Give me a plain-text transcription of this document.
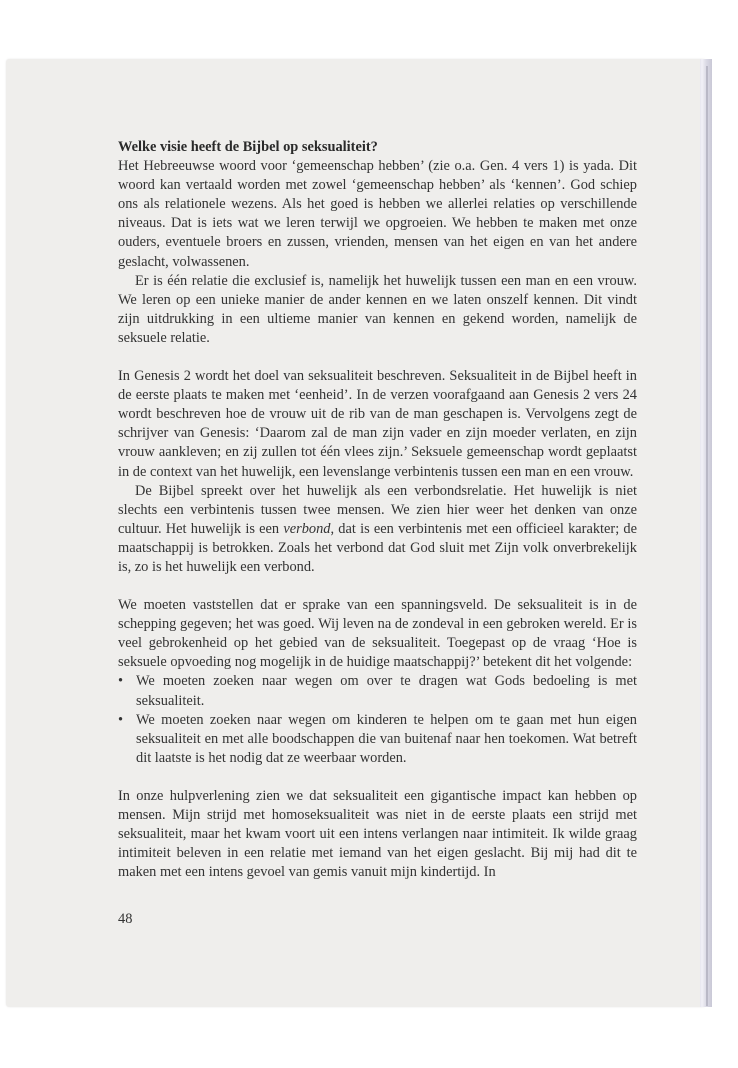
Welke visie heeft de Bijbel op seksualiteit?

Het Hebreeuwse woord voor ‘gemeenschap hebben’ (zie o.a. Gen. 4 vers 1) is yada. Dit woord kan vertaald worden met zowel ‘gemeenschap hebben’ als ‘kennen’. God schiep ons als relationele wezens. Als het goed is hebben we allerlei relaties op verschillende niveaus. Dat is iets wat we leren terwijl we opgroeien. We hebben te maken met onze ouders, eventuele broers en zussen, vrienden, mensen van het eigen en van het andere geslacht, volwassenen.

Er is één relatie die exclusief is, namelijk het huwelijk tussen een man en een vrouw. We leren op een unieke manier de ander kennen en we laten onszelf kennen. Dit vindt zijn uitdrukking in een ultieme manier van kennen en gekend worden, namelijk de seksuele relatie.

In Genesis 2 wordt het doel van seksualiteit beschreven. Seksualiteit in de Bijbel heeft in de eerste plaats te maken met ‘eenheid’. In de verzen voorafgaand aan Genesis 2 vers 24 wordt beschreven hoe de vrouw uit de rib van de man geschapen is. Vervolgens zegt de schrijver van Genesis: ‘Daarom zal de man zijn vader en zijn moeder verlaten, en zijn vrouw aankleven; en zij zullen tot één vlees zijn.’ Seksuele gemeenschap wordt geplaatst in de context van het huwelijk, een levenslange verbintenis tussen een man en een vrouw.

De Bijbel spreekt over het huwelijk als een verbondsrelatie. Het huwelijk is niet slechts een verbintenis tussen twee mensen. We zien hier weer het denken van onze cultuur. Het huwelijk is een verbond, dat is een verbintenis met een officieel karakter; de maatschappij is betrokken. Zoals het verbond dat God sluit met Zijn volk onverbrekelijk is, zo is het huwelijk een verbond.

We moeten vaststellen dat er sprake van een spanningsveld. De seksualiteit is in de schepping gegeven; het was goed. Wij leven na de zondeval in een gebroken wereld. Er is veel gebrokenheid op het gebied van de seksualiteit. Toegepast op de vraag ‘Hoe is seksuele opvoeding nog mogelijk in de huidige maatschappij?’ betekent dit het volgende:

• We moeten zoeken naar wegen om over te dragen wat Gods bedoeling is met seksualiteit.
• We moeten zoeken naar wegen om kinderen te helpen om te gaan met hun eigen seksualiteit en met alle boodschappen die van buitenaf naar hen toekomen. Wat betreft dit laatste is het nodig dat ze weerbaar worden.

In onze hulpverlening zien we dat seksualiteit een gigantische impact kan hebben op mensen. Mijn strijd met homoseksualiteit was niet in de eerste plaats een strijd met seksualiteit, maar het kwam voort uit een intens verlangen naar intimiteit. Ik wilde graag intimiteit beleven in een relatie met iemand van het eigen geslacht. Bij mij had dit te maken met een intens gevoel van gemis vanuit mijn kindertijd. In

48
